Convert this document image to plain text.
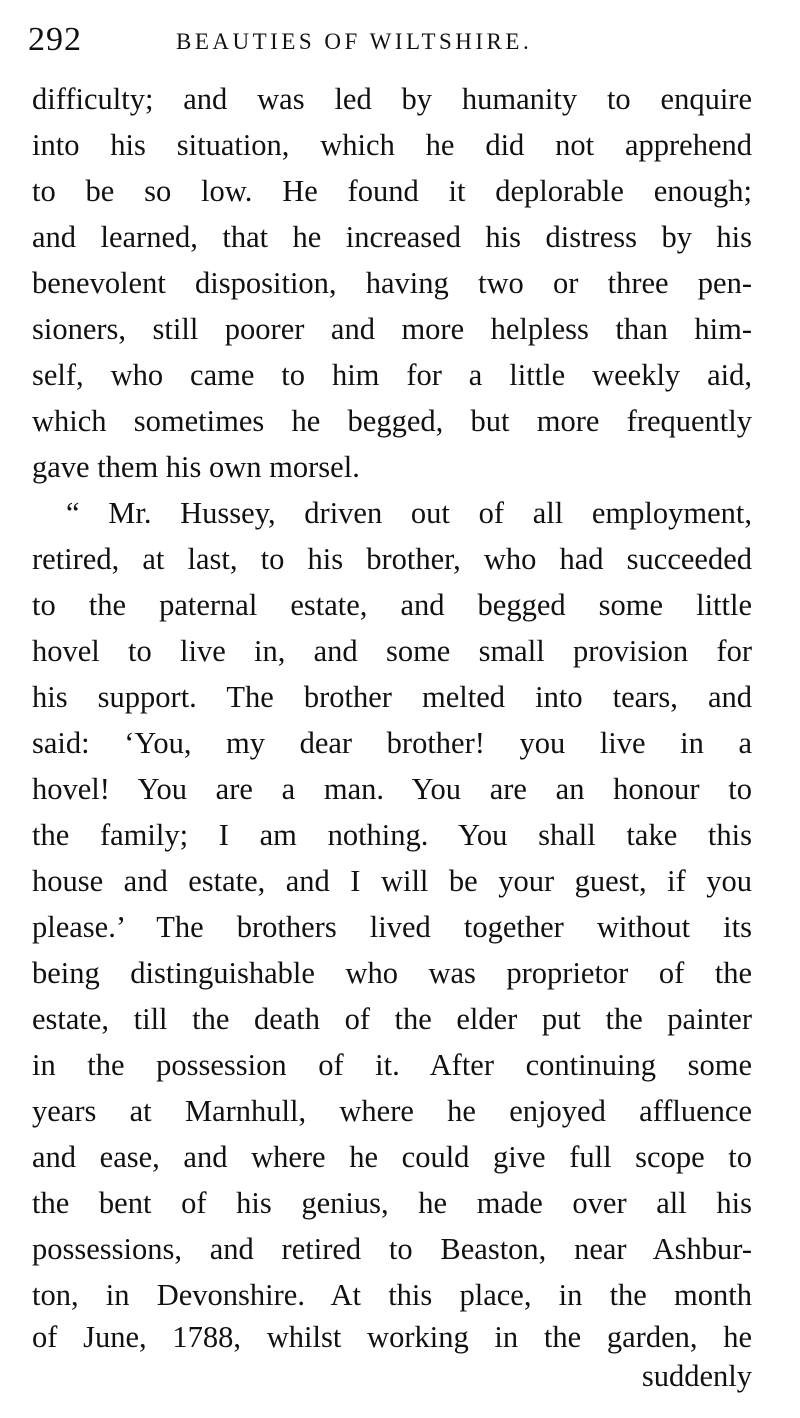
292	BEAUTIES OF WILTSHIRE.
difficulty; and was led by humanity to enquire
into his situation, which he did not apprehend
to be so low. He found it deplorable enough;
and learned, that he increased his distress by his
benevolent disposition, having two or three pen-
sioners, still poorer and more helpless than him-
self, who came to him for a little weekly aid,
which sometimes he begged, but more frequently
gave them his own morsel.
“ Mr. Hussey, driven out of all employment,
retired, at last, to his brother, who had succeeded
to the paternal estate, and begged some little
hovel to live in, and some small provision for
his support. The brother melted into tears, and
said: ‘You, my dear brother! you live in a
hovel! You are a man. You are an honour to
the family; I am nothing. You shall take this
house and estate, and I will be your guest, if you
please.’ The brothers lived together without its
being distinguishable who was proprietor of the
estate, till the death of the elder put the painter
in the possession of it. After continuing some
years at Marnhull, where he enjoyed affluence
and ease, and where he could give full scope to
the bent of his genius, he made over all his
possessions, and retired to Beaston, near Ashbur-
ton, in Devonshire. At this place, in the month
of June, 1788, whilst working in the garden, he
suddenly
